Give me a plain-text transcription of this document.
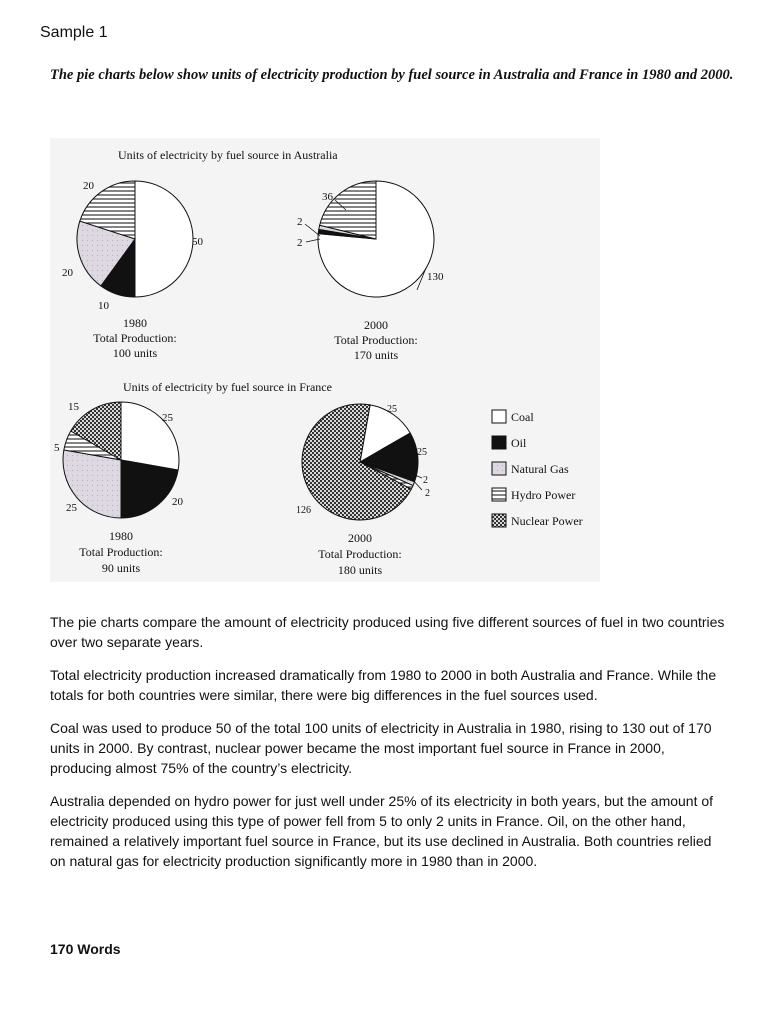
Sample 1
The pie charts below show units of electricity production by fuel source in Australia and France in 1980 and 2000.
Units of electricity by fuel source in Australia
Units of electricity by fuel source in France
50
10
20
20
130
2
2
36
25
20
25
5
15	25
25
2
2
126
1980
Total Production:
100 units
2000
Total Production:
170 units
1980
Total Production:
90 units
2000
Total Production:
180 units
Coal
Oil
Natural Gas
Hydro Power
Nuclear Power

The pie charts compare the amount of electricity produced using five different sources of fuel in two countries over two separate years.

Total electricity production increased dramatically from 1980 to 2000 in both Australia and France. While the totals for both countries were similar, there were big differences in the fuel sources used.

Coal was used to produce 50 of the total 100 units of electricity in Australia in 1980, rising to 130 out of 170 units in 2000. By contrast, nuclear power became the most important fuel source in France in 2000, producing almost 75% of the country’s electricity.

Australia depended on hydro power for just well under 25% of its electricity in both years, but the amount of electricity produced using this type of power fell from 5 to only 2 units in France. Oil, on the other hand, remained a relatively important fuel source in France, but its use declined in Australia. Both countries relied on natural gas for electricity production significantly more in 1980 than in 2000.

170 Words
